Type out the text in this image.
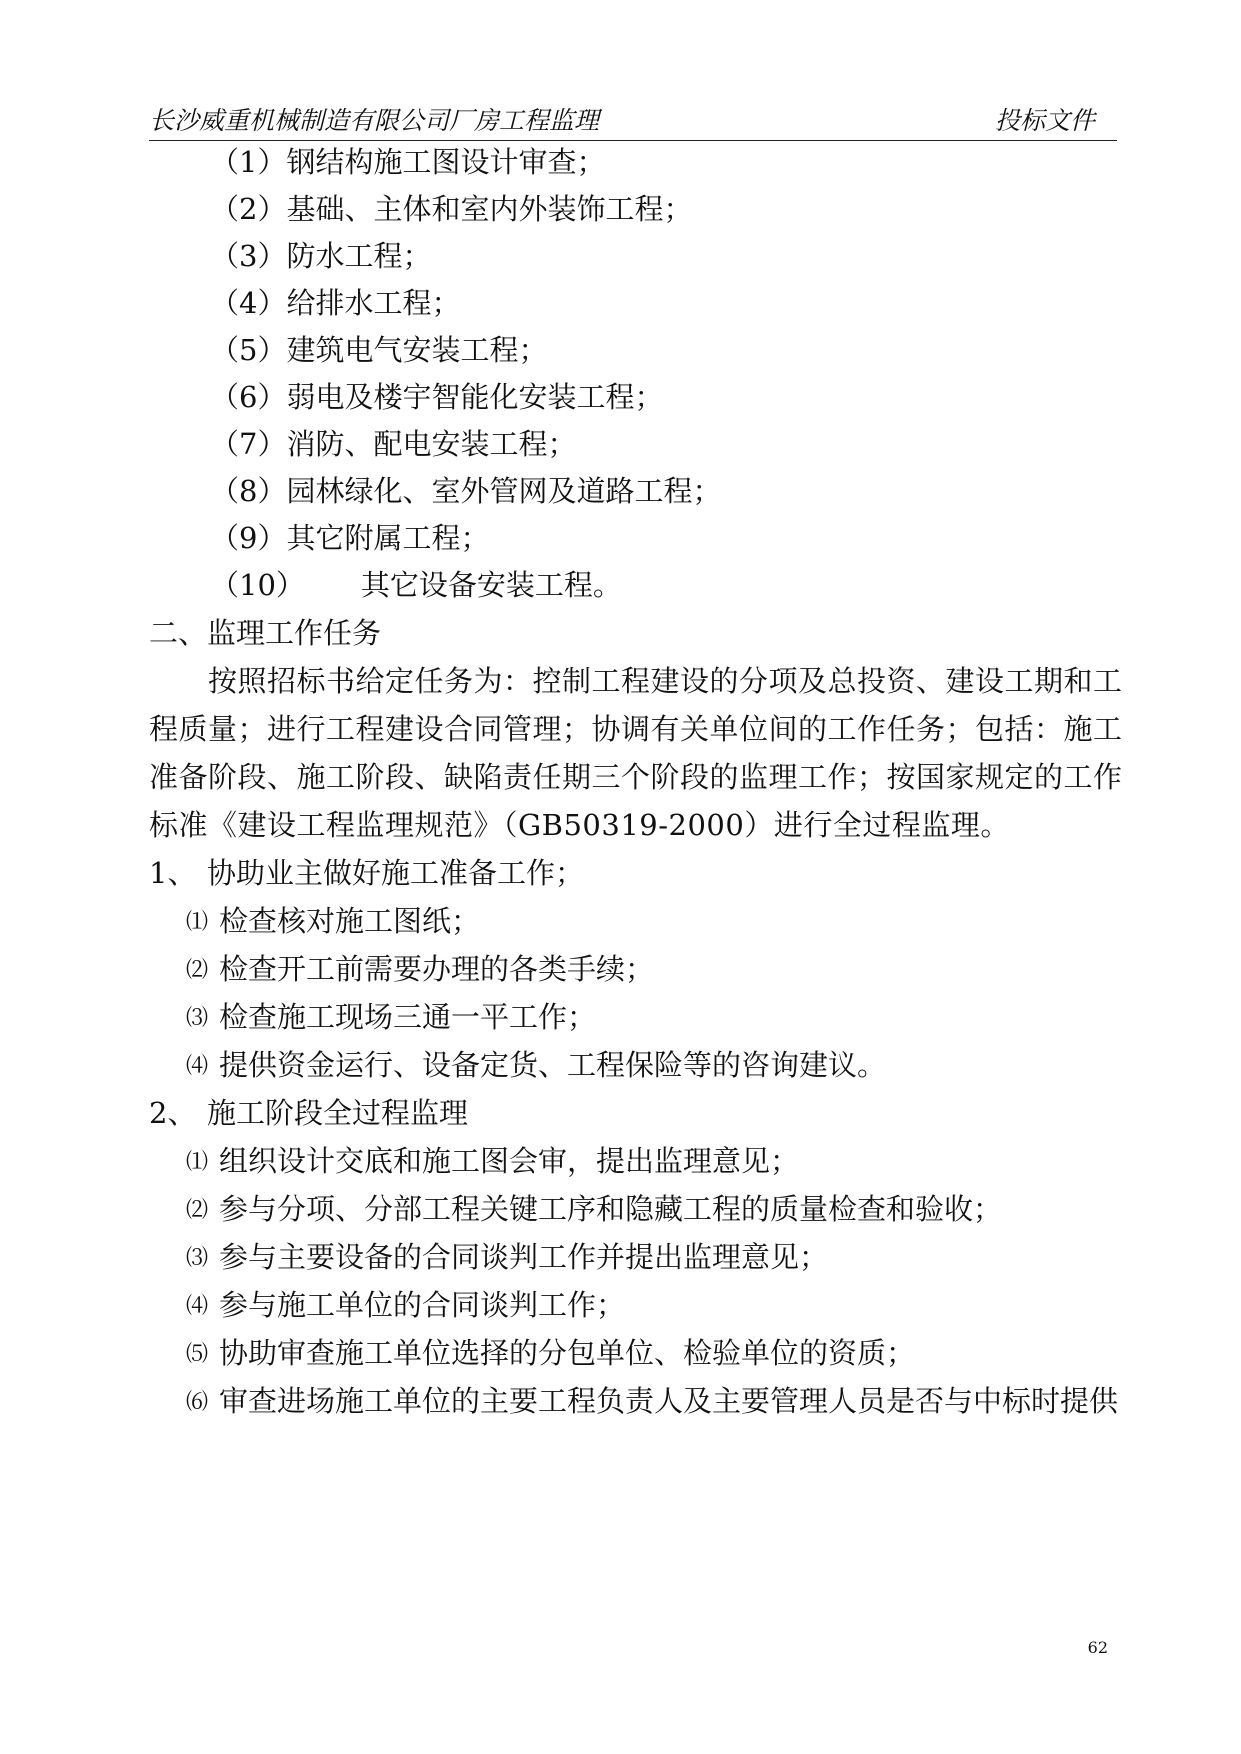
长沙威重机械制造有限公司厂房工程监理	投标文件
（1）钢结构施工图设计审查；
（2）基础、主体和室内外装饰工程；
（3）防水工程；
（4）给排水工程；
（5）建筑电气安装工程；
（6）弱电及楼宇智能化安装工程；
（7）消防、配电安装工程；
（8）园林绿化、室外管网及道路工程；
（9）其它附属工程；
（10） 其它设备安装工程。
二、监理工作任务
　　按照招标书给定任务为：控制工程建设的分项及总投资、建设工期和工
程质量；进行工程建设合同管理；协调有关单位间的工作任务；包括：施工
准备阶段、施工阶段、缺陷责任期三个阶段的监理工作；按国家规定的工作
标准《建设工程监理规范》（GB50319-2000）进行全过程监理。
1、 协助业主做好施工准备工作；
⑴ 检查核对施工图纸；
⑵ 检查开工前需要办理的各类手续；
⑶ 检查施工现场三通一平工作；
⑷ 提供资金运行、设备定货、工程保险等的咨询建议。
2、 施工阶段全过程监理
⑴ 组织设计交底和施工图会审，提出监理意见；
⑵ 参与分项、分部工程关键工序和隐藏工程的质量检查和验收；
⑶ 参与主要设备的合同谈判工作并提出监理意见；
⑷ 参与施工单位的合同谈判工作；
⑸ 协助审查施工单位选择的分包单位、检验单位的资质；
⑹ 审查进场施工单位的主要工程负责人及主要管理人员是否与中标时提供
62
